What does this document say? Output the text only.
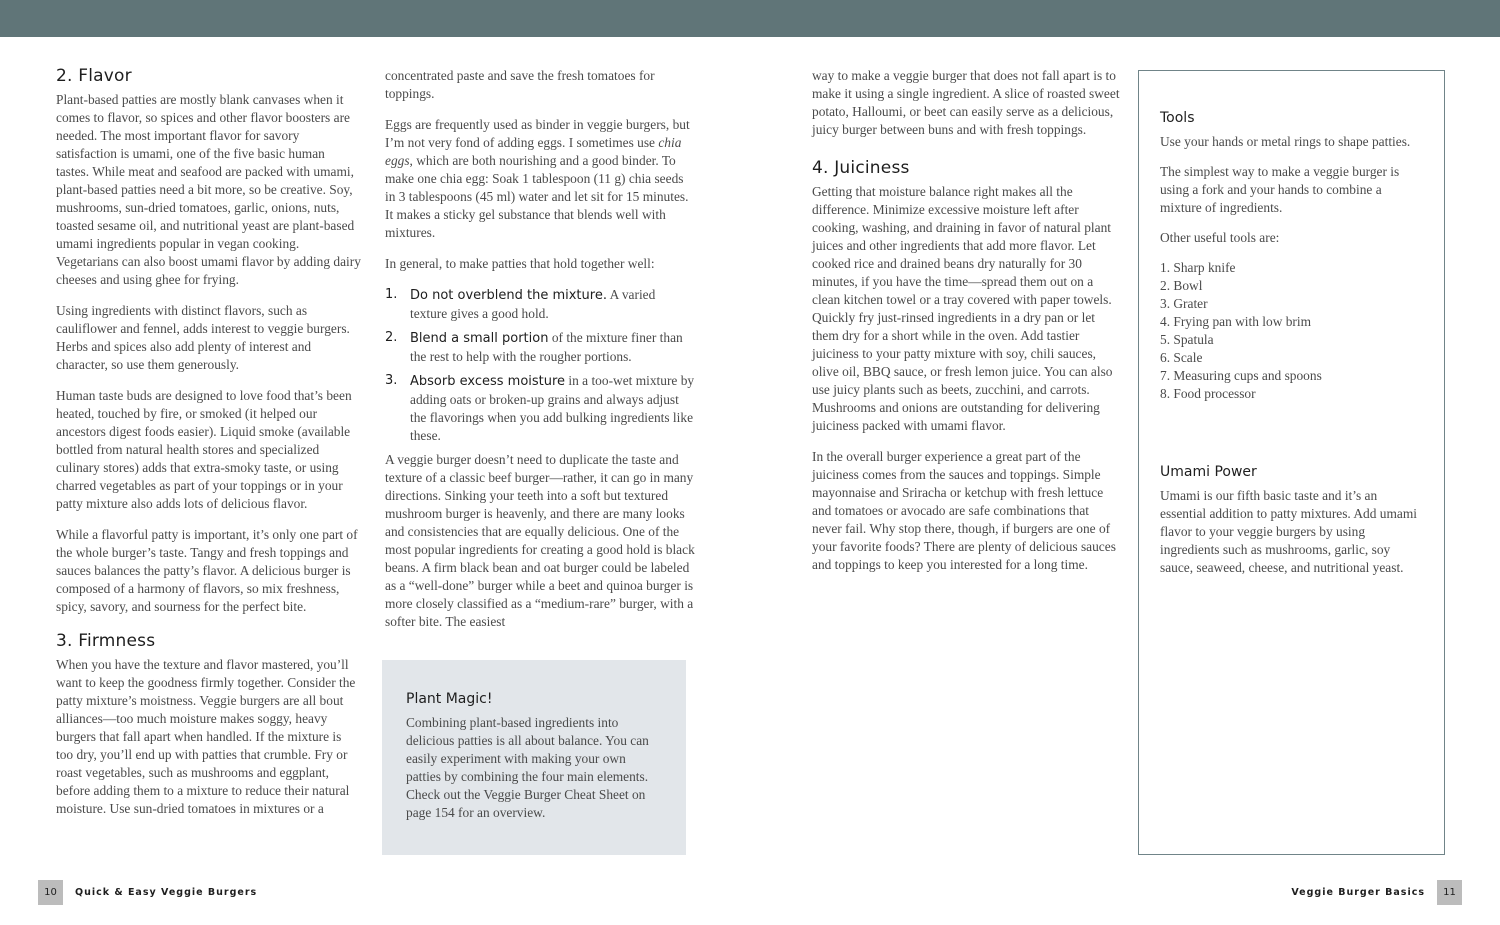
2. Flavor

Plant-based patties are mostly blank canvases when it comes to flavor, so spices and other flavor boosters are needed. The most important flavor for savory satisfaction is umami, one of the five basic human tastes. While meat and seafood are packed with umami, plant-based patties need a bit more, so be creative. Soy, mushrooms, sun-dried tomatoes, garlic, onions, nuts, toasted sesame oil, and nutritional yeast are plant-based umami ingredients popular in vegan cooking. Vegetarians can also boost umami flavor by adding dairy cheeses and using ghee for frying.

Using ingredients with distinct flavors, such as cauliflower and fennel, adds interest to veggie burgers. Herbs and spices also add plenty of interest and character, so use them generously.

Human taste buds are designed to love food that’s been heated, touched by fire, or smoked (it helped our ancestors digest foods easier). Liquid smoke (available bottled from natural health stores and specialized culinary stores) adds that extra-smoky taste, or using charred vegetables as part of your toppings or in your patty mixture also adds lots of delicious flavor.

While a flavorful patty is important, it’s only one part of the whole burger’s taste. Tangy and fresh toppings and sauces balances the patty’s flavor. A delicious burger is composed of a harmony of flavors, so mix freshness, spicy, savory, and sourness for the perfect bite.

3. Firmness

When you have the texture and flavor mastered, you’ll want to keep the goodness firmly together. Consider the patty mixture’s moistness. Veggie burgers are all bout alliances—too much moisture makes soggy, heavy burgers that fall apart when handled. If the mixture is too dry, you’ll end up with patties that crumble. Fry or roast vegetables, such as mushrooms and eggplant, before adding them to a mixture to reduce their natural moisture. Use sun-dried tomatoes in mixtures or a

concentrated paste and save the fresh tomatoes for toppings.

Eggs are frequently used as binder in veggie burgers, but I’m not very fond of adding eggs. I sometimes use chia eggs, which are both nourishing and a good binder. To make one chia egg: Soak 1 tablespoon (11 g) chia seeds in 3 tablespoons (45 ml) water and let sit for 15 minutes. It makes a sticky gel substance that blends well with mixtures.

In general, to make patties that hold together well:

1. Do not overblend the mixture. A varied texture gives a good hold.
2. Blend a small portion of the mixture finer than the rest to help with the rougher portions.
3. Absorb excess moisture in a too-wet mixture by adding oats or broken-up grains and always adjust the flavorings when you add bulking ingredients like these.

A veggie burger doesn’t need to duplicate the taste and texture of a classic beef burger—rather, it can go in many directions. Sinking your teeth into a soft but textured mushroom burger is heavenly, and there are many looks and consistencies that are equally delicious. One of the most popular ingredients for creating a good hold is black beans. A firm black bean and oat burger could be labeled as a “well-done” burger while a beet and quinoa burger is more closely classified as a “medium-rare” burger, with a softer bite. The easiest

Plant Magic!
Combining plant-based ingredients into delicious patties is all about balance. You can easily experiment with making your own patties by combining the four main elements. Check out the Veggie Burger Cheat Sheet on page 154 for an overview.

way to make a veggie burger that does not fall apart is to make it using a single ingredient. A slice of roasted sweet potato, Halloumi, or beet can easily serve as a delicious, juicy burger between buns and with fresh toppings.

4. Juiciness

Getting that moisture balance right makes all the difference. Minimize excessive moisture left after cooking, washing, and draining in favor of natural plant juices and other ingredients that add more flavor. Let cooked rice and drained beans dry naturally for 30 minutes, if you have the time—spread them out on a clean kitchen towel or a tray covered with paper towels. Quickly fry just-rinsed ingredients in a dry pan or let them dry for a short while in the oven. Add tastier juiciness to your patty mixture with soy, chili sauces, olive oil, BBQ sauce, or fresh lemon juice. You can also use juicy plants such as beets, zucchini, and carrots. Mushrooms and onions are outstanding for delivering juiciness packed with umami flavor.

In the overall burger experience a great part of the juiciness comes from the sauces and toppings. Simple mayonnaise and Sriracha or ketchup with fresh lettuce and tomatoes or avocado are safe combinations that never fail. Why stop there, though, if burgers are one of your favorite foods? There are plenty of delicious sauces and toppings to keep you interested for a long time.

Tools

Use your hands or metal rings to shape patties.

The simplest way to make a veggie burger is using a fork and your hands to combine a mixture of ingredients.

Other useful tools are:

1. Sharp knife
2. Bowl
3. Grater
4. Frying pan with low brim
5. Spatula
6. Scale
7. Measuring cups and spoons
8. Food processor
Umami Power
Umami is our fifth basic taste and it’s an essential addition to patty mixtures. Add umami flavor to your veggie burgers by using ingredients such as mushrooms, garlic, soy sauce, seaweed, cheese, and nutritional yeast.
10	Quick & Easy Veggie Burgers	Veggie Burger Basics	11
